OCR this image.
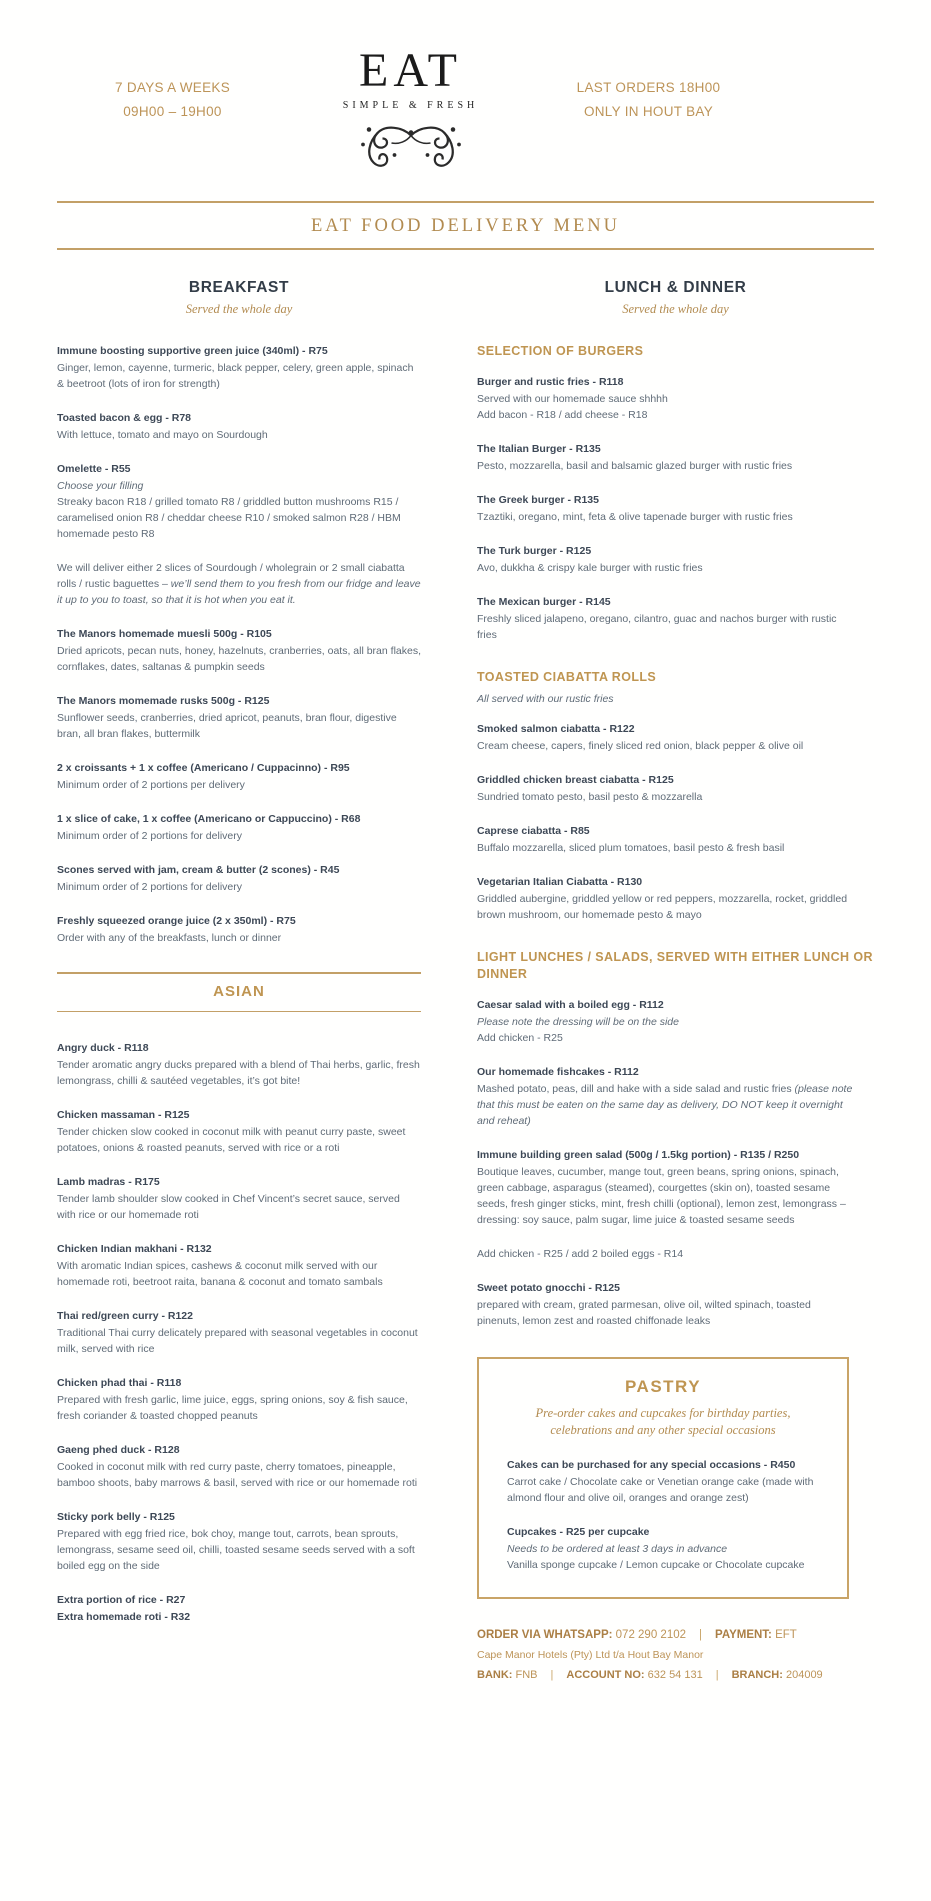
7 DAYS A WEEKS
09H00 – 19H00
EAT
SIMPLE & FRESH
LAST ORDERS 18H00
ONLY IN HOUT BAY
EAT FOOD DELIVERY MENU
BREAKFAST
Served the whole day
Immune boosting supportive green juice (340ml) - R75
Ginger, lemon, cayenne, turmeric, black pepper, celery, green apple, spinach & beetroot (lots of iron for strength)
Toasted bacon & egg - R78
With lettuce, tomato and mayo on Sourdough
Omelette - R55
Choose your filling
Streaky bacon R18 / grilled tomato R8 / griddled button mushrooms R15 / caramelised onion R8 / cheddar cheese R10 / smoked salmon R28 / HBM homemade pesto R8
We will deliver either 2 slices of Sourdough / wholegrain or 2 small ciabatta rolls / rustic baguettes – we’ll send them to you fresh from our fridge and leave it up to you to toast, so that it is hot when you eat it.
The Manors homemade muesli 500g - R105
Dried apricots, pecan nuts, honey, hazelnuts, cranberries, oats, all bran flakes, cornflakes, dates, saltanas & pumpkin seeds
The Manors momemade rusks 500g - R125
Sunflower seeds, cranberries, dried apricot, peanuts, bran flour, digestive bran, all bran flakes, buttermilk
2 x croissants + 1 x coffee (Americano / Cuppacinno) - R95
Minimum order of 2 portions per delivery
1 x slice of cake, 1 x coffee (Americano or Cappuccino) - R68
Minimum order of 2 portions for delivery
Scones served with jam, cream & butter (2 scones) - R45
Minimum order of 2 portions for delivery
Freshly squeezed orange juice (2 x 350ml) - R75
Order with any of the breakfasts, lunch or dinner
ASIAN
Angry duck - R118
Tender aromatic angry ducks prepared with a blend of Thai herbs, garlic, fresh lemongrass, chilli & sautéed vegetables, it’s got bite!
Chicken massaman - R125
Tender chicken slow cooked in coconut milk with peanut curry paste, sweet potatoes, onions & roasted peanuts, served with rice or a roti
Lamb madras - R175
Tender lamb shoulder slow cooked in Chef Vincent’s secret sauce, served with rice or our homemade roti
Chicken Indian makhani - R132
With aromatic Indian spices, cashews & coconut milk served with our homemade roti, beetroot raita, banana & coconut and tomato sambals
Thai red/green curry - R122
Traditional Thai curry delicately prepared with seasonal vegetables in coconut milk, served with rice
Chicken phad thai - R118
Prepared with fresh garlic, lime juice, eggs, spring onions, soy & fish sauce, fresh coriander & toasted chopped peanuts
Gaeng phed duck - R128
Cooked in coconut milk with red curry paste, cherry tomatoes, pineapple, bamboo shoots, baby marrows & basil, served with rice or our homemade roti
Sticky pork belly - R125
Prepared with egg fried rice, bok choy, mange tout, carrots, bean sprouts, lemongrass, sesame seed oil, chilli, toasted sesame seeds served with a soft boiled egg on the side
Extra portion of rice - R27
Extra homemade roti - R32
LUNCH & DINNER
Served the whole day
SELECTION OF BURGERS
Burger and rustic fries - R118
Served with our homemade sauce shhhh
Add bacon - R18 / add cheese - R18
The Italian Burger - R135
Pesto, mozzarella, basil and balsamic glazed burger with rustic fries
The Greek burger - R135
Tzaztiki, oregano, mint, feta & olive tapenade burger with rustic fries
The Turk burger - R125
Avo, dukkha & crispy kale burger with rustic fries
The Mexican burger - R145
Freshly sliced jalapeno, oregano, cilantro, guac and nachos burger with rustic fries
TOASTED CIABATTA ROLLS
All served with our rustic fries
Smoked salmon ciabatta - R122
Cream cheese, capers, finely sliced red onion, black pepper & olive oil
Griddled chicken breast ciabatta - R125
Sundried tomato pesto, basil pesto & mozzarella
Caprese ciabatta - R85
Buffalo mozzarella, sliced plum tomatoes, basil pesto & fresh basil
Vegetarian Italian Ciabatta - R130
Griddled aubergine, griddled yellow or red peppers, mozzarella, rocket, griddled brown mushroom, our homemade pesto & mayo
LIGHT LUNCHES / SALADS, SERVED WITH EITHER LUNCH OR DINNER
Caesar salad with a boiled egg - R112
Please note the dressing will be on the side
Add chicken - R25
Our homemade fishcakes - R112
Mashed potato, peas, dill and hake with a side salad and rustic fries (please note that this must be eaten on the same day as delivery, DO NOT keep it overnight and reheat)
Immune building green salad (500g / 1.5kg portion) - R135 / R250
Boutique leaves, cucumber, mange tout, green beans, spring onions, spinach, green cabbage, asparagus (steamed), courgettes (skin on), toasted sesame seeds, fresh ginger sticks, mint, fresh chilli (optional), lemon zest, lemongrass – dressing: soy sauce, palm sugar, lime juice & toasted sesame seeds
Add chicken - R25 / add 2 boiled eggs - R14
Sweet potato gnocchi - R125
prepared with cream, grated parmesan, olive oil, wilted spinach, toasted pinenuts, lemon zest and roasted chiffonade leaks
PASTRY
Pre-order cakes and cupcakes for birthday parties, celebrations and any other special occasions
Cakes can be purchased for any special occasions - R450
Carrot cake / Chocolate cake or Venetian orange cake (made with almond flour and olive oil, oranges and orange zest)
Cupcakes - R25 per cupcake
Needs to be ordered at least 3 days in advance
Vanilla sponge cupcake / Lemon cupcake or Chocolate cupcake
ORDER VIA WHATSAPP: 072 290 2102 | PAYMENT: EFT
Cape Manor Hotels (Pty) Ltd t/a Hout Bay Manor
BANK: FNB | ACCOUNT NO: 632 54 131 | BRANCH: 204009
